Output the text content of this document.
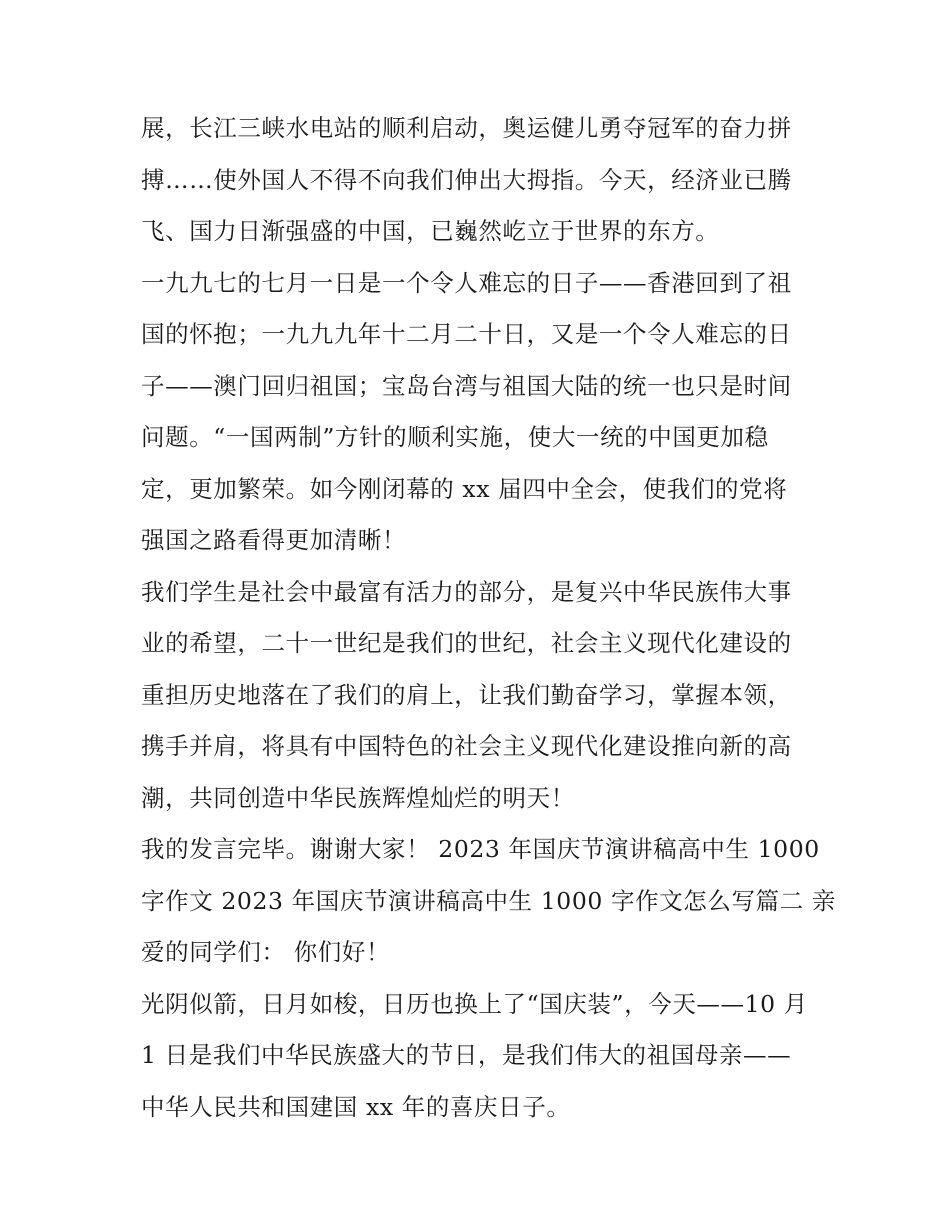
展，长江三峡水电站的顺利启动，奥运健儿勇夺冠军的奋力拼
搏……使外国人不得不向我们伸出大拇指。今天，经济业已腾
飞、国力日渐强盛的中国，已巍然屹立于世界的东方。
一九九七的七月一日是一个令人难忘的日子——香港回到了祖
国的怀抱；一九九九年十二月二十日，又是一个令人难忘的日
子——澳门回归祖国；宝岛台湾与祖国大陆的统一也只是时间
问题。“一国两制”方针的顺利实施，使大一统的中国更加稳
定，更加繁荣。如今刚闭幕的 xx 届四中全会，使我们的党将
强国之路看得更加清晰！
我们学生是社会中最富有活力的部分，是复兴中华民族伟大事
业的希望，二十一世纪是我们的世纪，社会主义现代化建设的
重担历史地落在了我们的肩上，让我们勤奋学习，掌握本领，
携手并肩，将具有中国特色的社会主义现代化建设推向新的高
潮，共同创造中华民族辉煌灿烂的明天！
我的发言完毕。谢谢大家！ 2023 年国庆节演讲稿高中生 1000
字作文 2023 年国庆节演讲稿高中生 1000 字作文怎么写篇二 亲
爱的同学们： 你们好！
光阴似箭，日月如梭，日历也换上了“国庆装”，今天——10 月
1 日是我们中华民族盛大的节日，是我们伟大的祖国母亲——
中华人民共和国建国 xx 年的喜庆日子。
